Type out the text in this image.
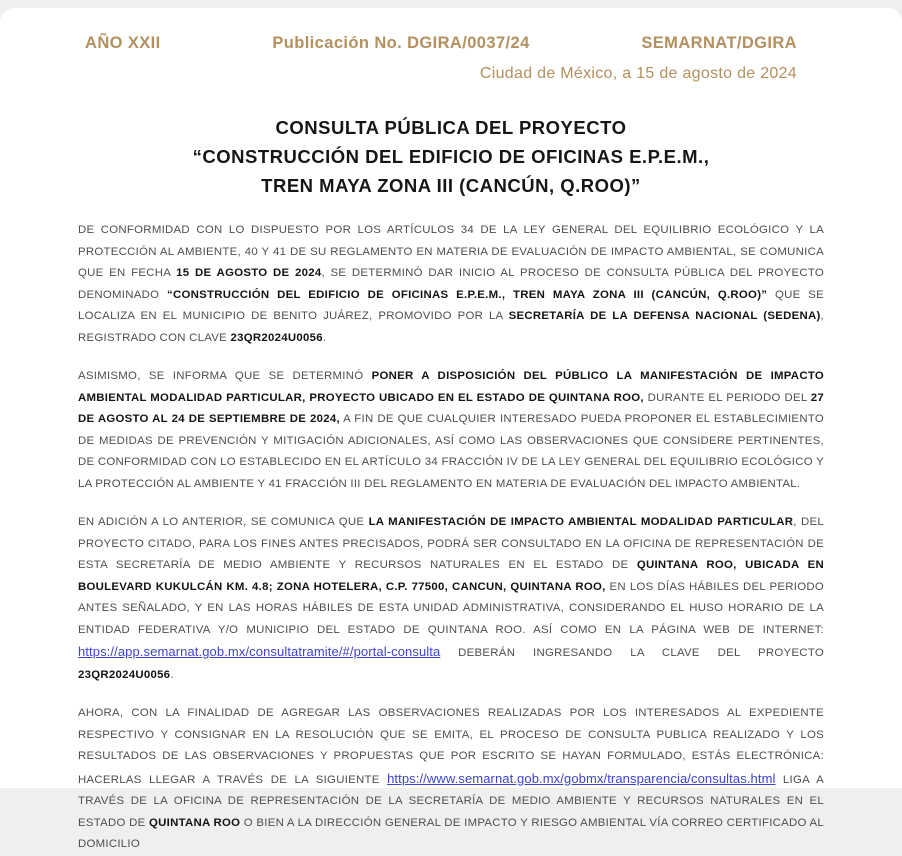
AÑO XXII	Publicación No. DGIRA/0037/24	SEMARNAT/DGIRA
Ciudad de México, a 15 de agosto de 2024
CONSULTA PÚBLICA DEL PROYECTO
“CONSTRUCCIÓN DEL EDIFICIO DE OFICINAS E.P.E.M.,
TREN MAYA ZONA III (CANCÚN, Q.ROO)”

DE CONFORMIDAD CON LO DISPUESTO POR LOS ARTÍCULOS 34 DE LA LEY GENERAL DEL EQUILIBRIO ECOLÓGICO Y LA PROTECCIÓN AL AMBIENTE, 40 Y 41 DE SU REGLAMENTO EN MATERIA DE EVALUACIÓN DE IMPACTO AMBIENTAL, SE COMUNICA QUE EN FECHA 15 DE AGOSTO DE 2024, SE DETERMINÓ DAR INICIO AL PROCESO DE CONSULTA PÚBLICA DEL PROYECTO DENOMINADO “CONSTRUCCIÓN DEL EDIFICIO DE OFICINAS E.P.E.M., TREN MAYA ZONA III (CANCÚN, Q.ROO)” QUE SE LOCALIZA EN EL MUNICIPIO DE BENITO JUÁREZ, PROMOVIDO POR LA SECRETARÍA DE LA DEFENSA NACIONAL (SEDENA), REGISTRADO CON CLAVE 23QR2024U0056.

ASIMISMO, SE INFORMA QUE SE DETERMINÓ PONER A DISPOSICIÓN DEL PÚBLICO LA MANIFESTACIÓN DE IMPACTO AMBIENTAL MODALIDAD PARTICULAR, PROYECTO UBICADO EN EL ESTADO DE QUINTANA ROO, DURANTE EL PERIODO DEL 27 DE AGOSTO AL 24 DE SEPTIEMBRE DE 2024, A FIN DE QUE CUALQUIER INTERESADO PUEDA PROPONER EL ESTABLECIMIENTO DE MEDIDAS DE PREVENCIÓN Y MITIGACIÓN ADICIONALES, ASÍ COMO LAS OBSERVACIONES QUE CONSIDERE PERTINENTES, DE CONFORMIDAD CON LO ESTABLECIDO EN EL ARTÍCULO 34 FRACCIÓN IV DE LA LEY GENERAL DEL EQUILIBRIO ECOLÓGICO Y LA PROTECCIÓN AL AMBIENTE Y 41 FRACCIÓN III DEL REGLAMENTO EN MATERIA DE EVALUACIÓN DEL IMPACTO AMBIENTAL.

EN ADICIÓN A LO ANTERIOR, SE COMUNICA QUE LA MANIFESTACIÓN DE IMPACTO AMBIENTAL MODALIDAD PARTICULAR, DEL PROYECTO CITADO, PARA LOS FINES ANTES PRECISADOS, PODRÁ SER CONSULTADO EN LA OFICINA DE REPRESENTACIÓN DE ESTA SECRETARÍA DE MEDIO AMBIENTE Y RECURSOS NATURALES EN EL ESTADO DE QUINTANA ROO, UBICADA EN BOULEVARD KUKULCÁN KM. 4.8; ZONA HOTELERA, C.P. 77500, CANCUN, QUINTANA ROO, EN LOS DÍAS HÁBILES DEL PERIODO ANTES SEÑALADO, Y EN LAS HORAS HÁBILES DE ESTA UNIDAD ADMINISTRATIVA, CONSIDERANDO EL HUSO HORARIO DE LA ENTIDAD FEDERATIVA Y/O MUNICIPIO DEL ESTADO DE QUINTANA ROO. ASÍ COMO EN LA PÁGINA WEB DE INTERNET: https://app.semarnat.gob.mx/consultatramite/#/portal-consulta DEBERÁN INGRESANDO LA CLAVE DEL PROYECTO 23QR2024U0056.

AHORA, CON LA FINALIDAD DE AGREGAR LAS OBSERVACIONES REALIZADAS POR LOS INTERESADOS AL EXPEDIENTE RESPECTIVO Y CONSIGNAR EN LA RESOLUCIÓN QUE SE EMITA, EL PROCESO DE CONSULTA PUBLICA REALIZADO Y LOS RESULTADOS DE LAS OBSERVACIONES Y PROPUESTAS QUE POR ESCRITO SE HAYAN FORMULADO, ESTÁS ELECTRÓNICA: HACERLAS LLEGAR A TRAVÉS DE LA SIGUIENTE https://www.semarnat.gob.mx/gobmx/transparencia/consultas.html LIGA A TRAVÉS DE LA OFICINA DE REPRESENTACIÓN DE LA SECRETARÍA DE MEDIO AMBIENTE Y RECURSOS NATURALES EN EL ESTADO DE QUINTANA ROO O BIEN A LA DIRECCIÓN GENERAL DE IMPACTO Y RIESGO AMBIENTAL VÍA CORREO CERTIFICADO AL DOMICILIO
